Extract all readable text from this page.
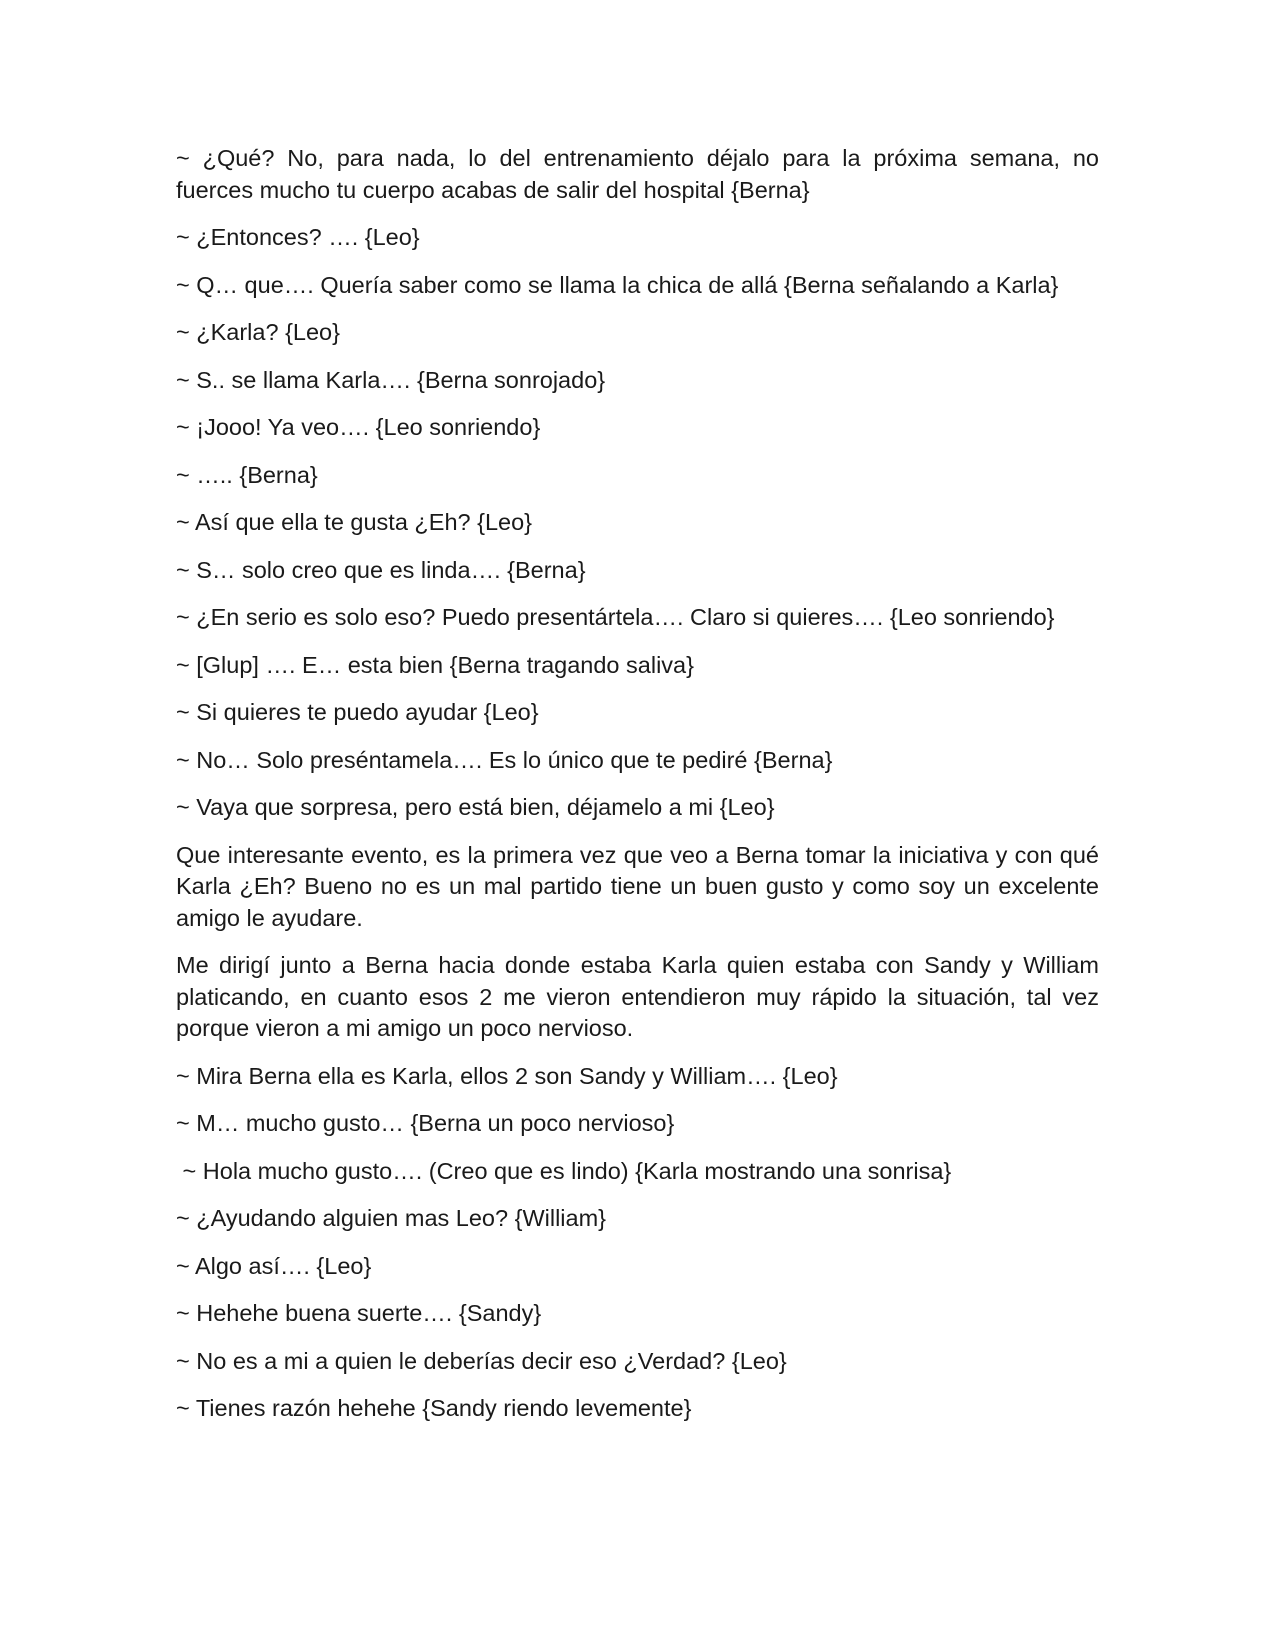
~ ¿Qué? No, para nada, lo del entrenamiento déjalo para la próxima semana, no fuerces mucho tu cuerpo acabas de salir del hospital {Berna}

~ ¿Entonces? …. {Leo}

~ Q… que…. Quería saber como se llama la chica de allá {Berna señalando a Karla}

~ ¿Karla? {Leo}

~ S.. se llama Karla…. {Berna sonrojado}

~ ¡Jooo! Ya veo…. {Leo sonriendo}

~ ….. {Berna}

~ Así que ella te gusta ¿Eh? {Leo}

~ S… solo creo que es linda…. {Berna}

~ ¿En serio es solo eso? Puedo presentártela…. Claro si quieres…. {Leo sonriendo}

~ [Glup] …. E… esta bien {Berna tragando saliva}

~ Si quieres te puedo ayudar {Leo}

~ No… Solo preséntamela…. Es lo único que te pediré {Berna}

~ Vaya que sorpresa, pero está bien, déjamelo a mi {Leo}

Que interesante evento, es la primera vez que veo a Berna tomar la iniciativa y con qué Karla ¿Eh? Bueno no es un mal partido tiene un buen gusto y como soy un excelente amigo le ayudare.

Me dirigí junto a Berna hacia donde estaba Karla quien estaba con Sandy y William platicando, en cuanto esos 2 me vieron entendieron muy rápido la situación, tal vez porque vieron a mi amigo un poco nervioso.

~ Mira Berna ella es Karla, ellos 2 son Sandy y William…. {Leo}

~ M… mucho gusto… {Berna un poco nervioso}

~ Hola mucho gusto…. (Creo que es lindo) {Karla mostrando una sonrisa}

~ ¿Ayudando alguien mas Leo? {William}

~ Algo así…. {Leo}

~ Hehehe buena suerte…. {Sandy}

~ No es a mi a quien le deberías decir eso ¿Verdad? {Leo}

~ Tienes razón hehehe {Sandy riendo levemente}
